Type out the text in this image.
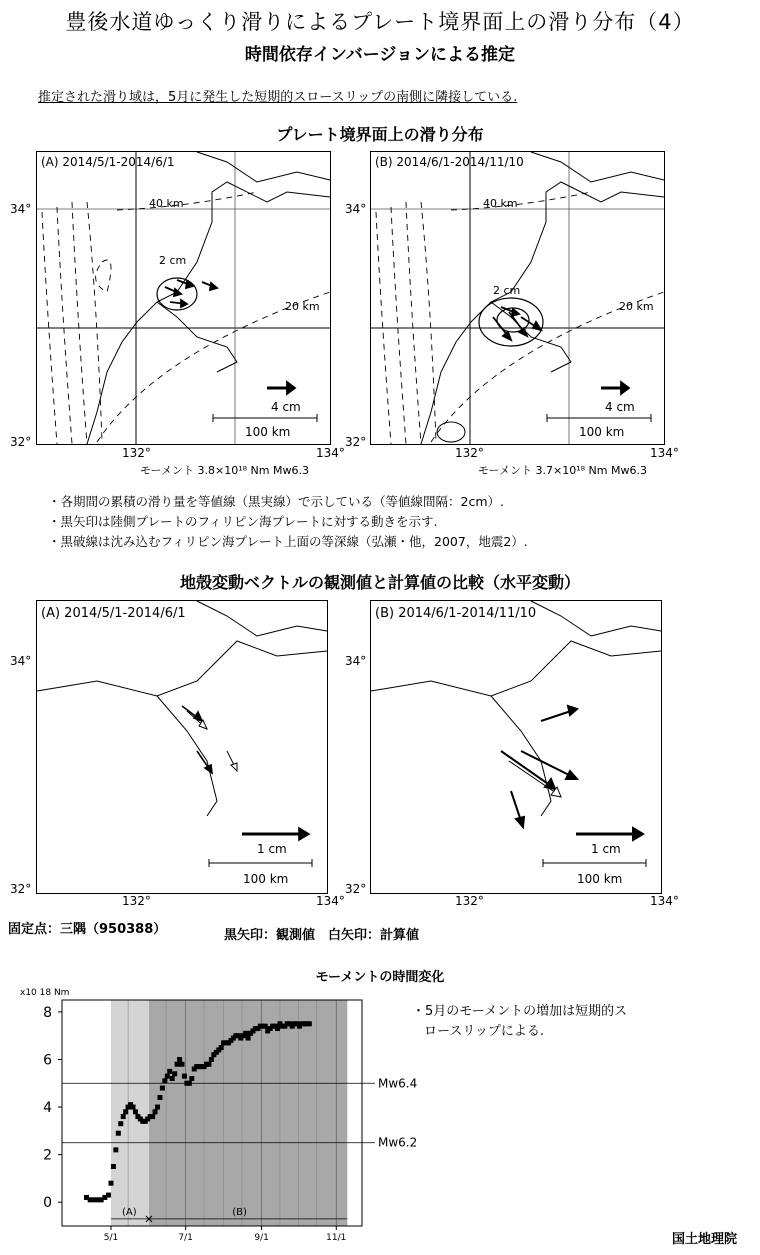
豊後水道ゆっくり滑りによるプレート境界面上の滑り分布（4）
時間依存インバージョンによる推定
推定された滑り域は，5月に発生した短期的スロースリップの南側に隣接している.
プレート境界面上の滑り分布
(A) 2014/5/1-2014/6/1
40 km
2 cm
20 km
4 cm
100 km
(B) 2014/6/1-2014/11/10
40 km
2 cm
20 km
4 cm
100 km
34°
32°
132°	134°
34°
32°
132°	134°
モーメント 3.8×10¹⁸ Nm Mw6.3	モーメント 3.7×10¹⁸ Nm Mw6.3
・各期間の累積の滑り量を等値線（黒実線）で示している（等値線間隔：2cm）.
・黒矢印は陸側プレートのフィリピン海プレートに対する動きを示す.
・黒破線は沈み込むフィリピン海プレート上面の等深線（弘瀬・他，2007，地震2）.
地殻変動ベクトルの観測値と計算値の比較（水平変動）
(A) 2014/5/1-2014/6/1
1 cm
100 km
(B) 2014/6/1-2014/11/10
1 cm
100 km
34°
32°
132°	134°
34°
32°
132°	134°
固定点：三隅（950388）	黒矢印：観測値　白矢印：計算値
モーメントの時間変化
x10 18 Nm
・5月のモーメントの増加は短期的ス
ロースリップによる.
0
2
4
6
8
5/1	7/1	9/1	11/1
(A)	(B)
Mw6.4
Mw6.2
国土地理院
